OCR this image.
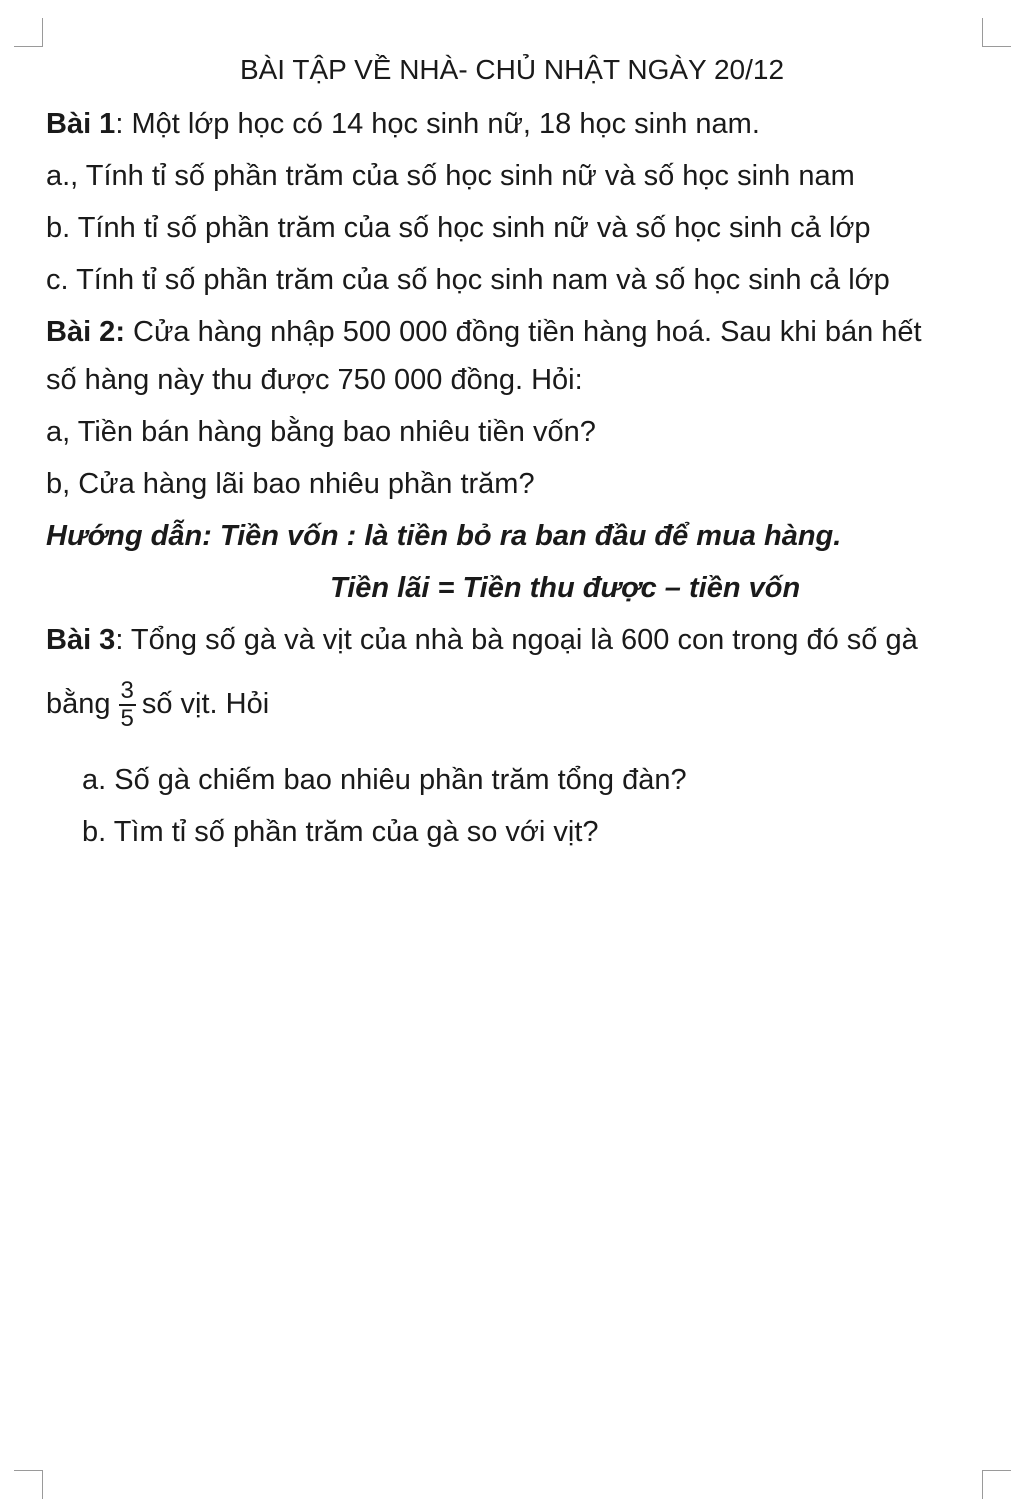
BÀI TẬP VỀ NHÀ- CHỦ NHẬT NGÀY 20/12
Bài 1: Một lớp học có 14 học sinh nữ, 18 học sinh nam.
a., Tính tỉ số phần trăm của số học sinh nữ và số học sinh nam
b. Tính tỉ số phần trăm của số học sinh nữ và số học sinh cả lớp
c. Tính tỉ số phần trăm của số học sinh nam và số học sinh cả lớp
Bài 2: Cửa hàng nhập 500 000 đồng tiền hàng hoá. Sau khi bán hết
số hàng này thu được 750 000 đồng. Hỏi:
a, Tiền bán hàng bằng bao nhiêu tiền vốn?
b, Cửa hàng lãi bao nhiêu phần trăm?
Hướng dẫn: Tiền vốn : là tiền bỏ ra ban đầu để mua hàng.
Tiền lãi = Tiền thu được – tiền vốn
Bài 3: Tổng số gà và vịt của nhà bà ngoại là 600 con trong đó số gà
bằng $\frac{3}{5}$ số vịt. Hỏi
a. Số gà chiếm bao nhiêu phần trăm tổng đàn?
b. Tìm tỉ số phần trăm của gà so với vịt?
